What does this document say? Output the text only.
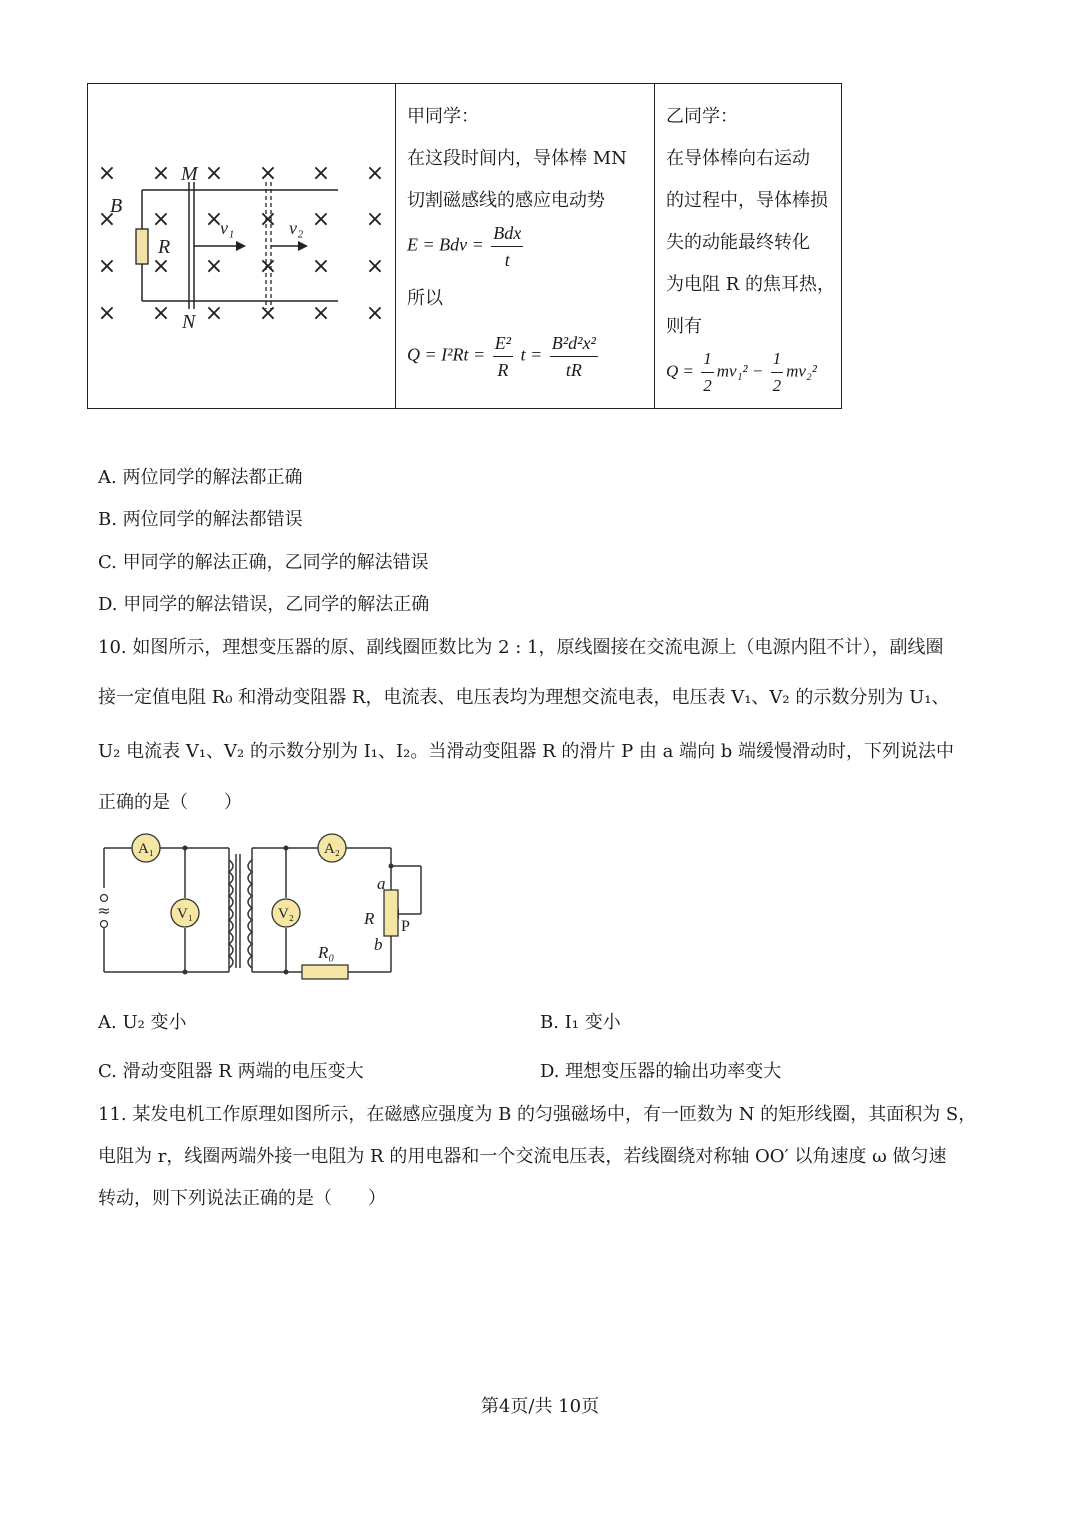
× × × × × ×
× × × × × ×
× × × × × ×
× × × × × ×
M
N
B
R
v₁	v₂
甲同学：
在这段时间内，导体棒 MN
切割磁感线的感应电动势
E = Bdv = $\frac{\text{Bdx}}{t}$
所以
$Q = I^2Rt = \frac{\text{E²}}{R}$ $t = \frac{\text{B²d²x²}}{tR}$
乙同学：
在导体棒向右运动
的过程中，导体棒损
失的动能最终转化
为电阻 R 的焦耳热，
则有
$Q = \frac{1}{2} mv_1^2 - \frac{1}{2} mv_2^2$
A. 两位同学的解法都正确
B. 两位同学的解法都错误
C. 甲同学的解法正确，乙同学的解法错误
D. 甲同学的解法错误，乙同学的解法正确
10. 如图所示，理想变压器的原、副线圈匝数比为 2 : 1，原线圈接在交流电源上（电源内阻不计），副线圈
接一定值电阻 R₀ 和滑动变阻器 R，电流表、电压表均为理想交流电表，电压表 V₁、V₂ 的示数分别为 U₁、
U₂ 电流表 V₁、V₂ 的示数分别为 I₁、I₂。当滑动变阻器 R 的滑片 P 由 a 端向 b 端缓慢滑动时，下列说法中
正确的是（　　）
≈
A₁
V₁
A₂
V₂
a
R
b
R₀
P
A. U₂ 变小	B. I₁ 变小
C. 滑动变阻器 R 两端的电压变大	D. 理想变压器的输出功率变大
11. 某发电机工作原理如图所示，在磁感应强度为 B 的匀强磁场中，有一匝数为 N 的矩形线圈，其面积为 S，
电阻为 r，线圈两端外接一电阻为 R 的用电器和一个交流电压表，若线圈绕对称轴 OO′ 以角速度 ω 做匀速
转动，则下列说法正确的是（　　）
第4页/共 10页
